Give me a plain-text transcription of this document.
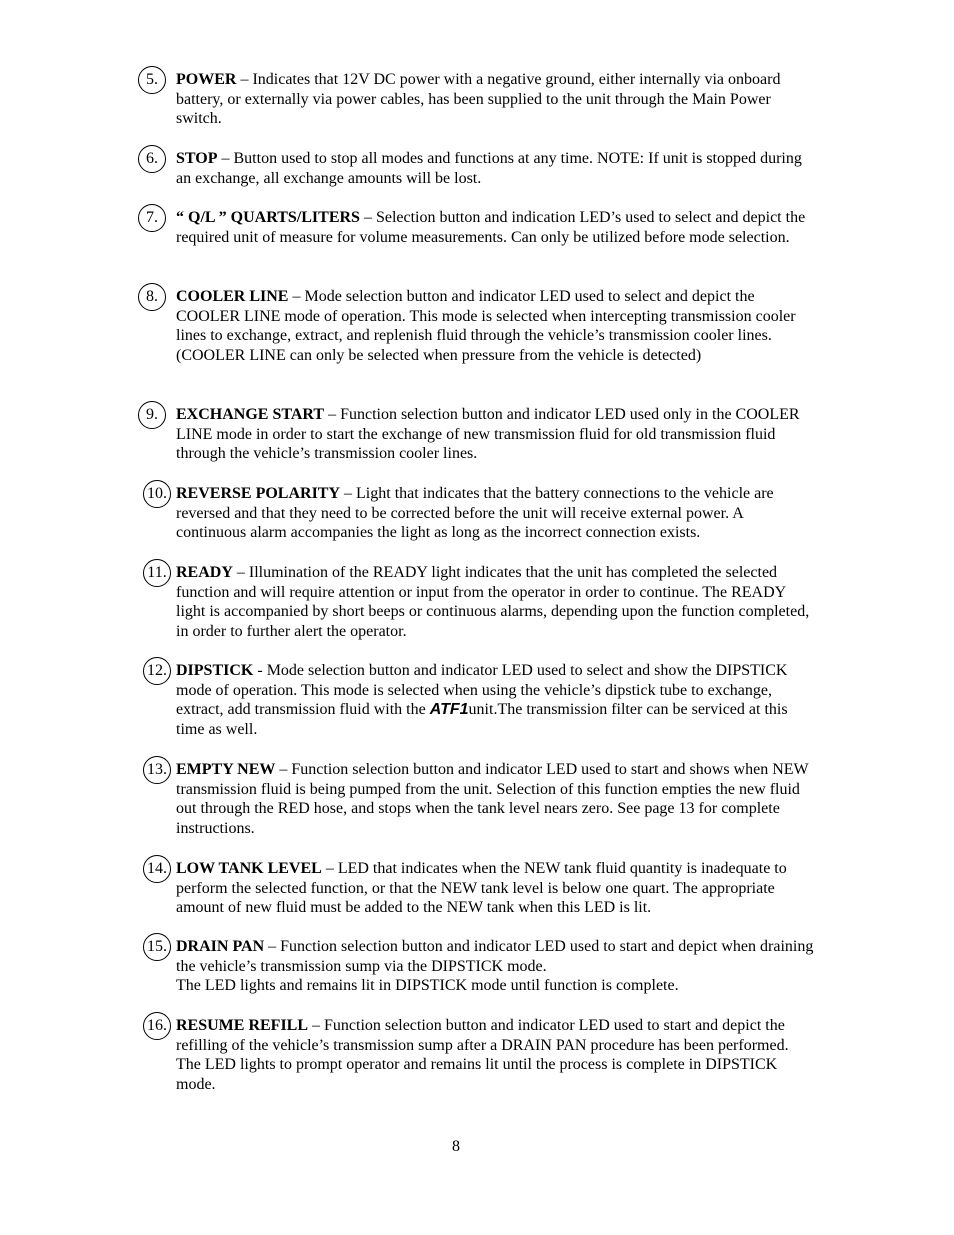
5.	POWER – Indicates that 12V DC power with a negative ground, either internally via onboard battery, or externally via power cables, has been supplied to the unit through the Main Power switch.
6.	STOP – Button used to stop all modes and functions at any time. NOTE: If unit is stopped during an exchange, all exchange amounts will be lost.
7.	“ Q/L ” QUARTS/LITERS – Selection button and indication LED’s used to select and depict the required unit of measure for volume measurements. Can only be utilized before mode selection.
8.	COOLER LINE – Mode selection button and indicator LED used to select and depict the COOLER LINE mode of operation. This mode is selected when intercepting transmission cooler lines to exchange, extract, and replenish fluid through the vehicle’s transmission cooler lines. (COOLER LINE can only be selected when pressure from the vehicle is detected)
9.	EXCHANGE START – Function selection button and indicator LED used only in the COOLER LINE mode in order to start the exchange of new transmission fluid for old transmission fluid through the vehicle’s transmission cooler lines.
10. REVERSE POLARITY – Light that indicates that the battery connections to the vehicle are reversed and that they need to be corrected before the unit will receive external power. A continuous alarm accompanies the light as long as the incorrect connection exists.
11. READY – Illumination of the READY light indicates that the unit has completed the selected function and will require attention or input from the operator in order to continue. The READY light is accompanied by short beeps or continuous alarms, depending upon the function completed, in order to further alert the operator.
12. DIPSTICK - Mode selection button and indicator LED used to select and show the DIPSTICK mode of operation. This mode is selected when using the vehicle’s dipstick tube to exchange, extract, add transmission fluid with the ATF1unit.The transmission filter can be serviced at this time as well.
13. EMPTY NEW – Function selection button and indicator LED used to start and shows when NEW transmission fluid is being pumped from the unit. Selection of this function empties the new fluid out through the RED hose, and stops when the tank level nears zero. See page 13 for complete instructions.
14. LOW TANK LEVEL – LED that indicates when the NEW tank fluid quantity is inadequate to perform the selected function, or that the NEW tank level is below one quart. The appropriate amount of new fluid must be added to the NEW tank when this LED is lit.
15. DRAIN PAN – Function selection button and indicator LED used to start and depict when draining the vehicle’s transmission sump via the DIPSTICK mode.
The LED lights and remains lit in DIPSTICK mode until function is complete.
16. RESUME REFILL – Function selection button and indicator LED used to start and depict the refilling of the vehicle’s transmission sump after a DRAIN PAN procedure has been performed. The LED lights to prompt operator and remains lit until the process is complete in DIPSTICK mode.
8
